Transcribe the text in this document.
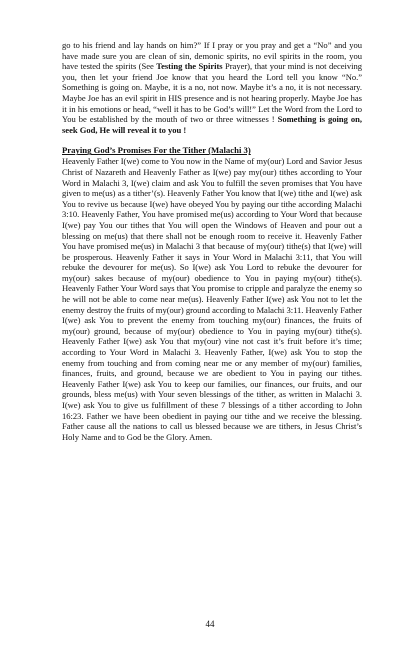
go to his friend and lay hands on him?” If I pray or you pray and get a “No” and you have made sure you are clean of sin, demonic spirits, no evil spirits in the room, you have tested the spirits (See Testing the Spirits Prayer), that your mind is not deceiving you, then let your friend Joe know that you heard the Lord tell you know “No.” Something is going on. Maybe, it is a no, not now. Maybe it’s a no, it is not necessary. Maybe Joe has an evil spirit in HIS presence and is not hearing properly. Maybe Joe has it in his emotions or head, “well it has to be God’s will!” Let the Word from the Lord to You be established by the mouth of two or three witnesses ! Something is going on, seek God, He will reveal it to you !

Praying God’s Promises For the Tither (Malachi 3)

Heavenly Father I(we) come to You now in the Name of my(our) Lord and Savior Jesus Christ of Nazareth and Heavenly Father as I(we) pay my(our) tithes according to Your Word in Malachi 3, I(we) claim and ask You to fulfill the seven promises that You have given to me(us) as a tither’(s). Heavenly Father You know that I(we) tithe and I(we) ask You to revive us because I(we) have obeyed You by paying our tithe according Malachi 3:10. Heavenly Father, You have promised me(us) according to Your Word that because I(we) pay You our tithes that You will open the Windows of Heaven and pour out a blessing on me(us) that there shall not be enough room to receive it. Heavenly Father You have promised me(us) in Malachi 3 that because of my(our) tithe(s) that I(we) will be prosperous. Heavenly Father it says in Your Word in Malachi 3:11, that You will rebuke the devourer for me(us). So I(we) ask You Lord to rebuke the devourer for my(our) sakes because of my(our) obedience to You in paying my(our) tithe(s). Heavenly Father Your Word says that You promise to cripple and paralyze the enemy so he will not be able to come near me(us). Heavenly Father I(we) ask You not to let the enemy destroy the fruits of my(our) ground according to Malachi 3:11. Heavenly Father I(we) ask You to prevent the enemy from touching my(our) finances, the fruits of my(our) ground, because of my(our) obedience to You in paying my(our) tithe(s). Heavenly Father I(we) ask You that my(our) vine not cast it’s fruit before it’s time; according to Your Word in Malachi 3. Heavenly Father, I(we) ask You to stop the enemy from touching and from coming near me or any member of my(our) families, finances, fruits, and ground, because we are obedient to You in paying our tithes. Heavenly Father I(we) ask You to keep our families, our finances, our fruits, and our grounds, bless me(us) with Your seven blessings of the tither, as written in Malachi 3. I(we) ask You to give us fulfillment of these 7 blessings of a tither according to John 16:23. Father we have been obedient in paying our tithe and we receive the blessing. Father cause all the nations to call us blessed because we are tithers, in Jesus Christ’s Holy Name and to God be the Glory. Amen.

44
